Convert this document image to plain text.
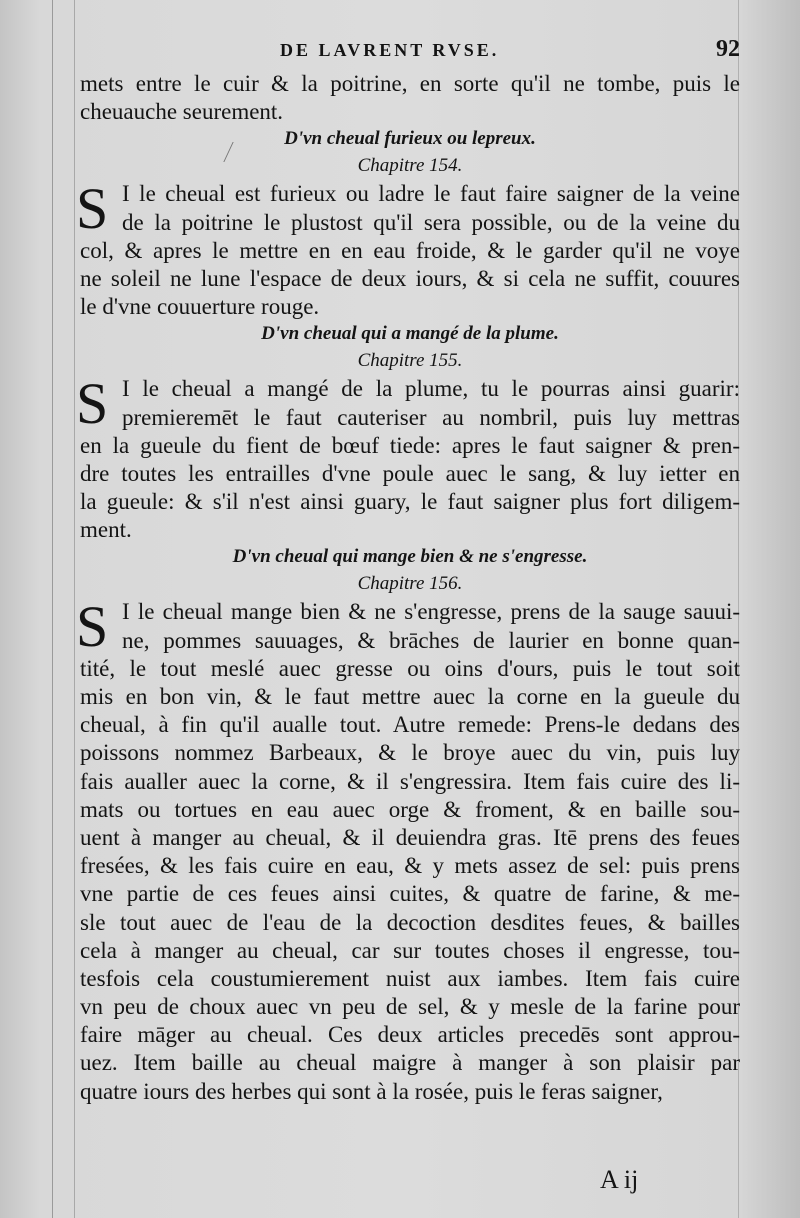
DE LAVRENT RVSE.	92
mets entre le cuir & la poitrine, en sorte qu'il ne tombe, puis le
cheuauche seurement.
D'vn cheual furieux ou lepreux.
Chapitre 154.
S I le cheual est furieux ou ladre le faut faire saigner de la veine
de la poitrine le plustost qu'il sera possible, ou de la veine du
col, & apres le mettre en en eau froide, & le garder qu'il ne voye
ne soleil ne lune l'espace de deux iours, & si cela ne suffit, couures
le d'vne couuerture rouge.
D'vn cheual qui a mangé de la plume.
Chapitre 155.
S I le cheual a mangé de la plume, tu le pourras ainsi guarir:
premieremēt le faut cauteriser au nombril, puis luy mettras
en la gueule du fient de bœuf tiede: apres le faut saigner & pren-
dre toutes les entrailles d'vne poule auec le sang, & luy ietter en
la gueule: & s'il n'est ainsi guary, le faut saigner plus fort diligem-
ment.
D'vn cheual qui mange bien & ne s'engresse.
Chapitre 156.
S I le cheual mange bien & ne s'engresse, prens de la sauge sauui-
ne, pommes sauuages, & brāches de laurier en bonne quan-
tité, le tout meslé auec gresse ou oins d'ours, puis le tout soit
mis en bon vin, & le faut mettre auec la corne en la gueule du
cheual, à fin qu'il aualle tout. Autre remede: Prens-le dedans des
poissons nommez Barbeaux, & le broye auec du vin, puis luy
fais aualler auec la corne, & il s'engressira. Item fais cuire des li-
mats ou tortues en eau auec orge & froment, & en baille sou-
uent à manger au cheual, & il deuiendra gras. Itē prens des feues
fresées, & les fais cuire en eau, & y mets assez de sel: puis prens
vne partie de ces feues ainsi cuites, & quatre de farine, & me-
sle tout auec de l'eau de la decoction desdites feues, & bailles
cela à manger au cheual, car sur toutes choses il engresse, tou-
tesfois cela coustumierement nuist aux iambes. Item fais cuire
vn peu de choux auec vn peu de sel, & y mesle de la farine pour
faire māger au cheual. Ces deux articles precedēs sont approu-
uez. Item baille au cheual maigre à manger à son plaisir par
quatre iours des herbes qui sont à la rosée, puis le feras saigner,
A ij
